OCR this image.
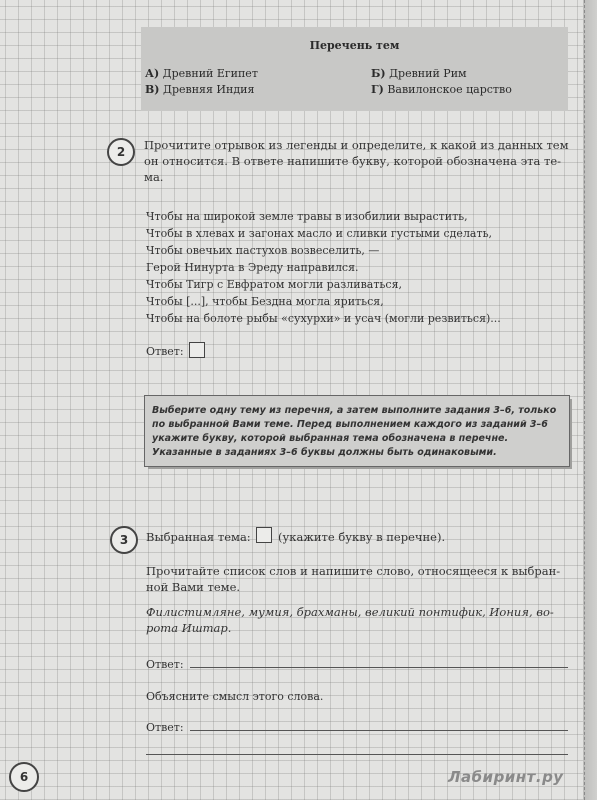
Перечень тем
А) Древний Египет	Б) Древний Рим
В) Древняя Индия	Г) Вавилонское царство
2	Прочитите отрывок из легенды и определите, к какой из данных тем
он относится. В ответе напишите букву, которой обозначена эта те-
ма.
Чтобы на широкой земле травы в изобилии вырастить,
Чтобы в хлевах и загонах масло и сливки густыми сделать,
Чтобы овечьих пастухов возвеселить, —
Герой Нинурта в Эреду направился.
Чтобы Тигр с Евфратом могли разливаться,
Чтобы [...], чтобы Бездна могла яриться,
Чтобы на болоте рыбы «сухурхи» и усач (могли резвиться)...
Ответ:
Выберите одну тему из перечня, а затем выполните задания 3–6, только по выбранной Вами теме. Перед выполнением каждого из заданий 3–6 укажите букву, которой выбранная тема обозначена в перечне. Указанные в заданиях 3–6 буквы должны быть одинаковыми.
3	Выбранная тема: (укажите букву в перечне).
Прочитайте список слов и напишите слово, относящееся к выбран-
ной Вами теме.
Филистимляне, мумия, брахманы, великий понтифик, Иония, во-
рота Иштар.
Ответ:
Объясните смысл этого слова.
Ответ:
6	Лабиринт.ру
